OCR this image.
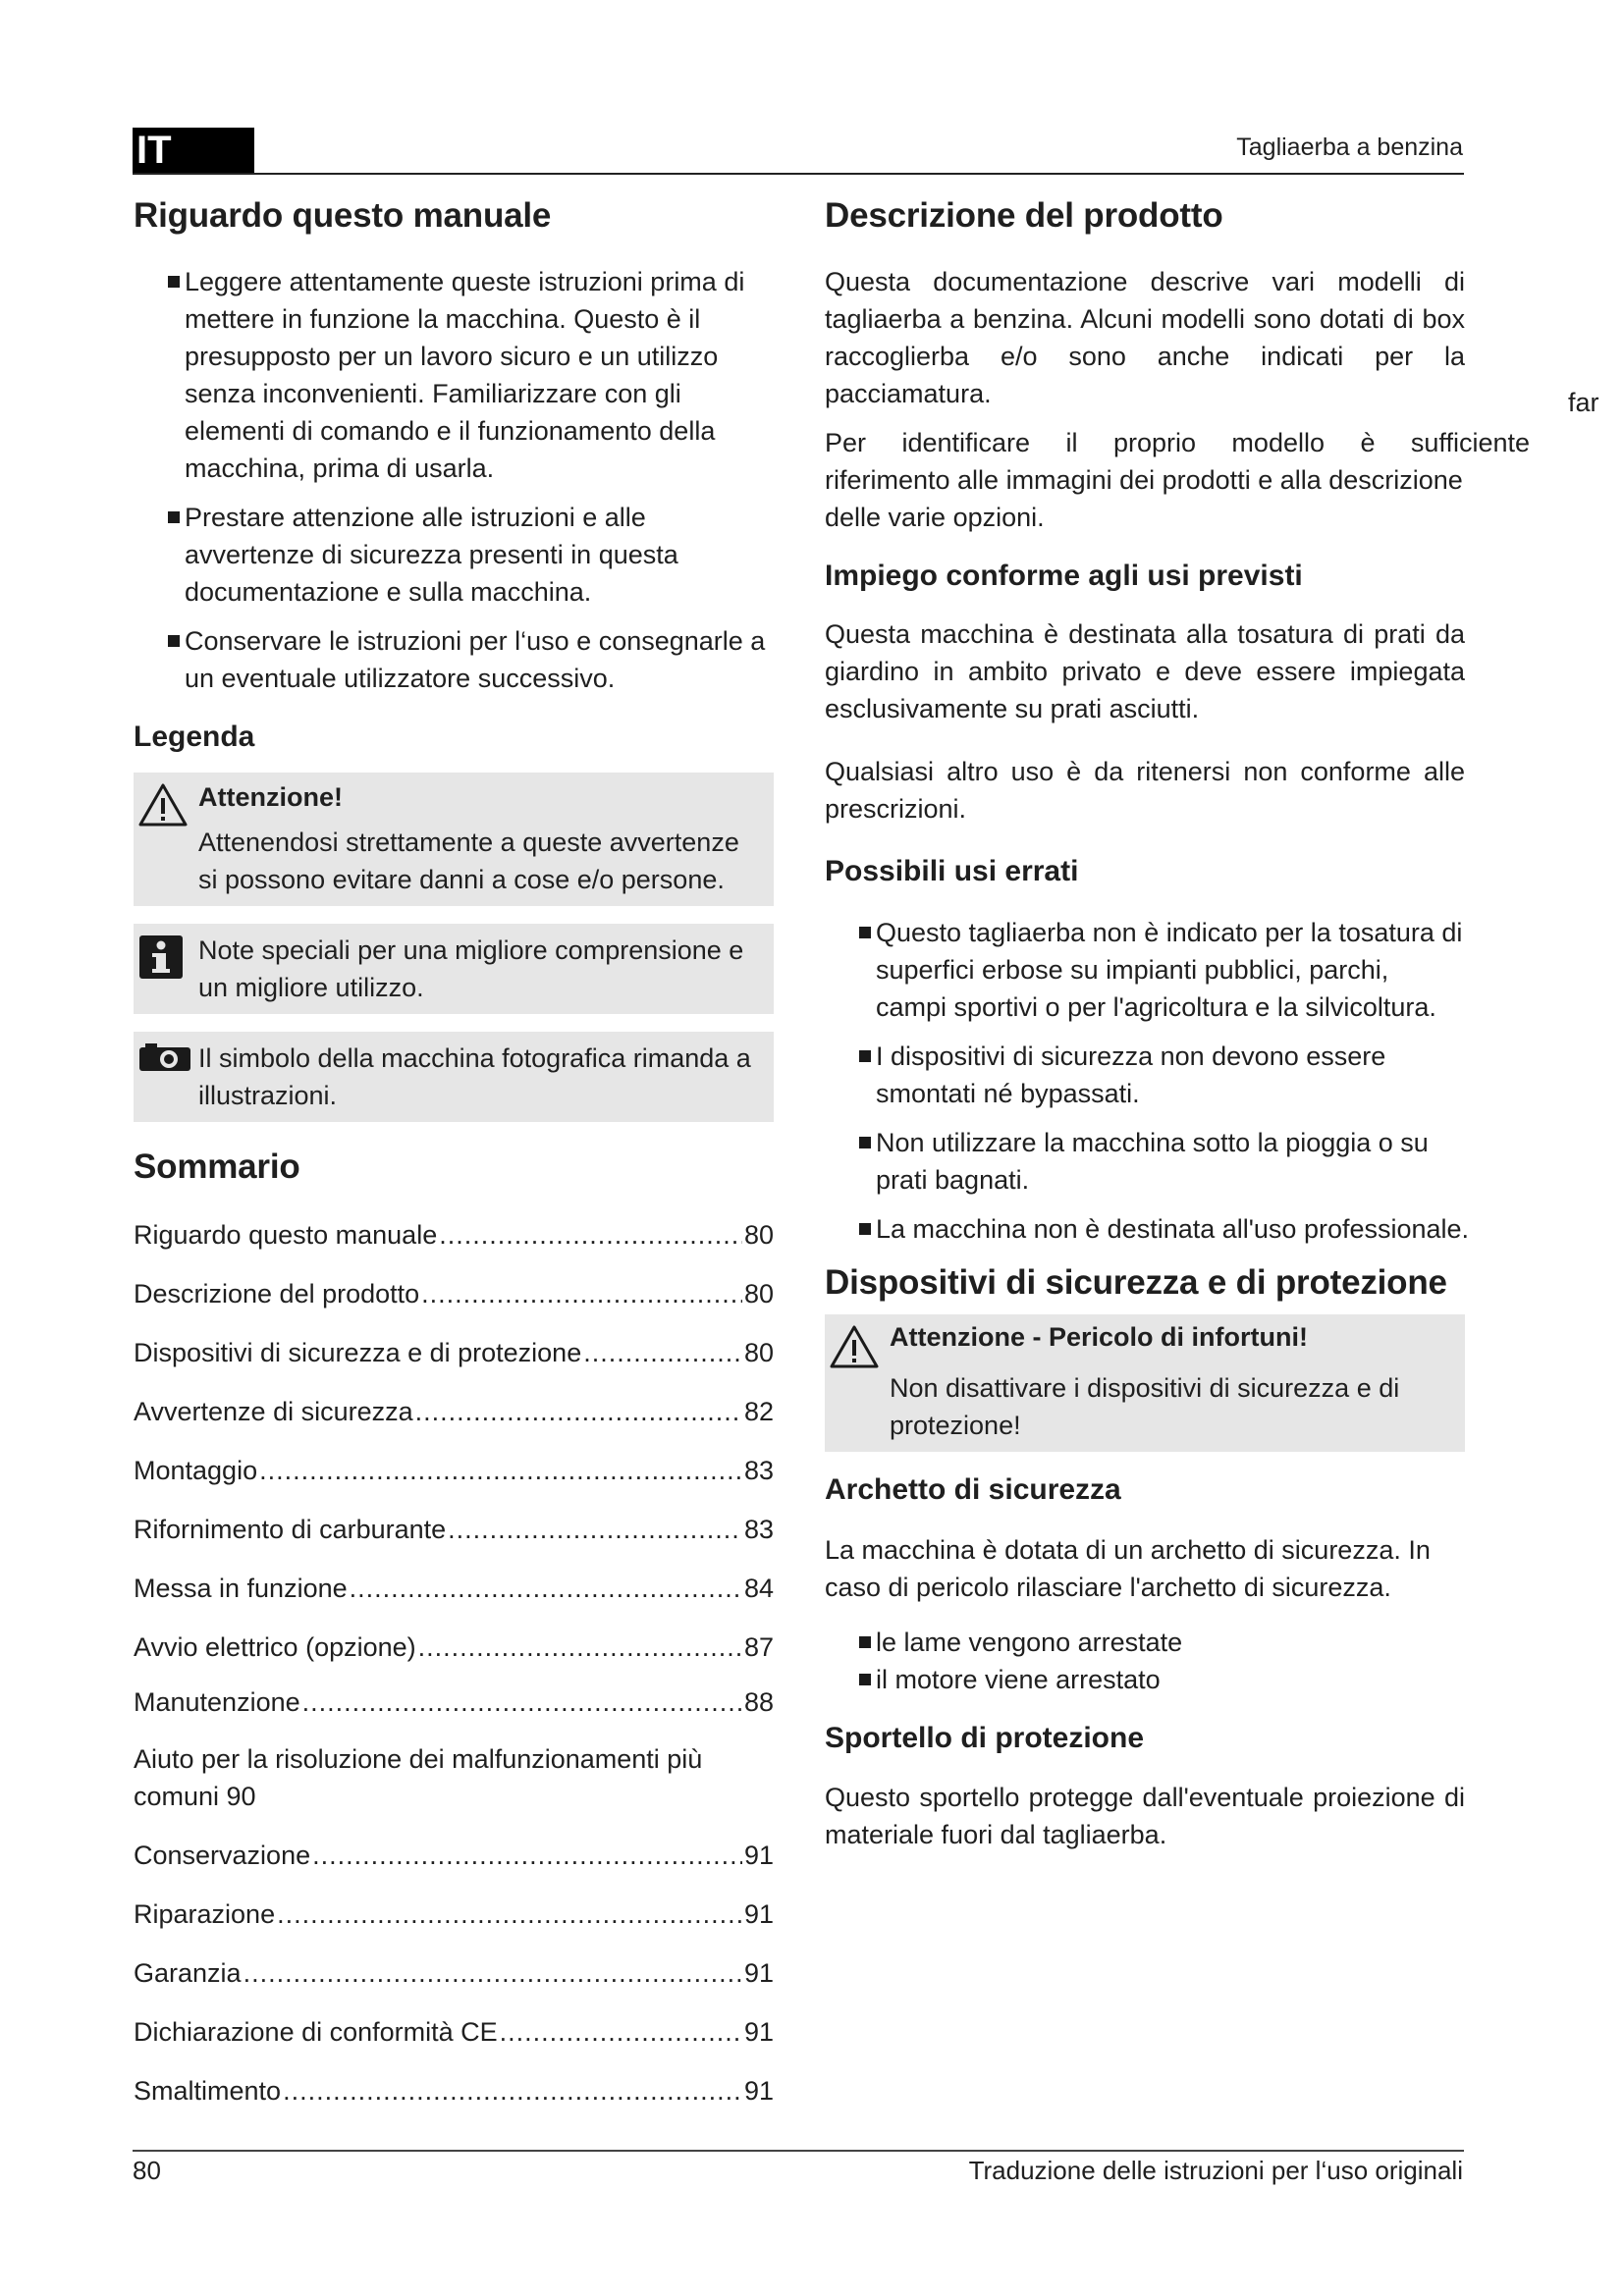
IT	Tagliaerba a benzina
Riguardo questo manuale
Leggere attentamente queste istruzioni prima di mettere in funzione la macchina. Questo è il presupposto per un lavoro sicuro e un utilizzo senza inconvenienti. Familiarizzare con gli elementi di comando e il funzionamento della macchina, prima di usarla.
Prestare attenzione alle istruzioni e alle avvertenze di sicurezza presenti in questa documentazione e sulla macchina.
Conservare le istruzioni per l‘uso e consegnarle a un eventuale utilizzatore successivo.
Legenda
Attenzione!
Attenendosi strettamente a queste avvertenze si possono evitare danni a cose e/o persone.
Note speciali per una migliore comprensione e un migliore utilizzo.
Il simbolo della macchina fotografica rimanda a illustrazioni.
Sommario
Riguardo questo manuale .....	80
Descrizione del prodotto .....	80
Dispositivi di sicurezza e di protezione .....	80
Avvertenze di sicurezza .....	82
Montaggio .....	83
Rifornimento di carburante .....	83
Messa in funzione .....	84
Avvio elettrico (opzione) .....	87
Manutenzione .....	88
Aiuto per la risoluzione dei malfunzionamenti più comuni 90
Conservazione .....	91
Riparazione .....	91
Garanzia .....	91
Dichiarazione di conformità CE .....	91
Smaltimento .....	91
Descrizione del prodotto

Questa documentazione descrive vari modelli di tagliaerba a benzina. Alcuni modelli sono dotati di box raccoglierba e/o sono anche indicati per la pacciamatura.

Per identificare il proprio modello è sufficiente
riferimento alle immagini dei prodotti e alla descrizione delle varie opzioni.

Impiego conforme agli usi previsti

Questa macchina è destinata alla tosatura di prati da giardino in ambito privato e deve essere impiegata esclusivamente su prati asciutti.

Qualsiasi altro uso è da ritenersi non conforme alle prescrizioni.

Possibili usi errati
Questo tagliaerba non è indicato per la tosatura di superfici erbose su impianti pubblici, parchi, campi sportivi o per l'agricoltura e la silvicoltura.
I dispositivi di sicurezza non devono essere smontati né bypassati.
Non utilizzare la macchina sotto la pioggia o su prati bagnati.
La macchina non è destinata all'uso professionale.
Dispositivi di sicurezza e di protezione
Attenzione - Pericolo di infortuni!
Non disattivare i dispositivi di sicurezza e di protezione!
Archetto di sicurezza

La macchina è dotata di un archetto di sicurezza. In caso di pericolo rilasciare l'archetto di sicurezza.

le lame vengono arrestate
il motore viene arrestato
Sportello di protezione

Questo sportello protegge dall'eventuale proiezione di materiale fuori dal tagliaerba.

far
80	Traduzione delle istruzioni per l‘uso originali
